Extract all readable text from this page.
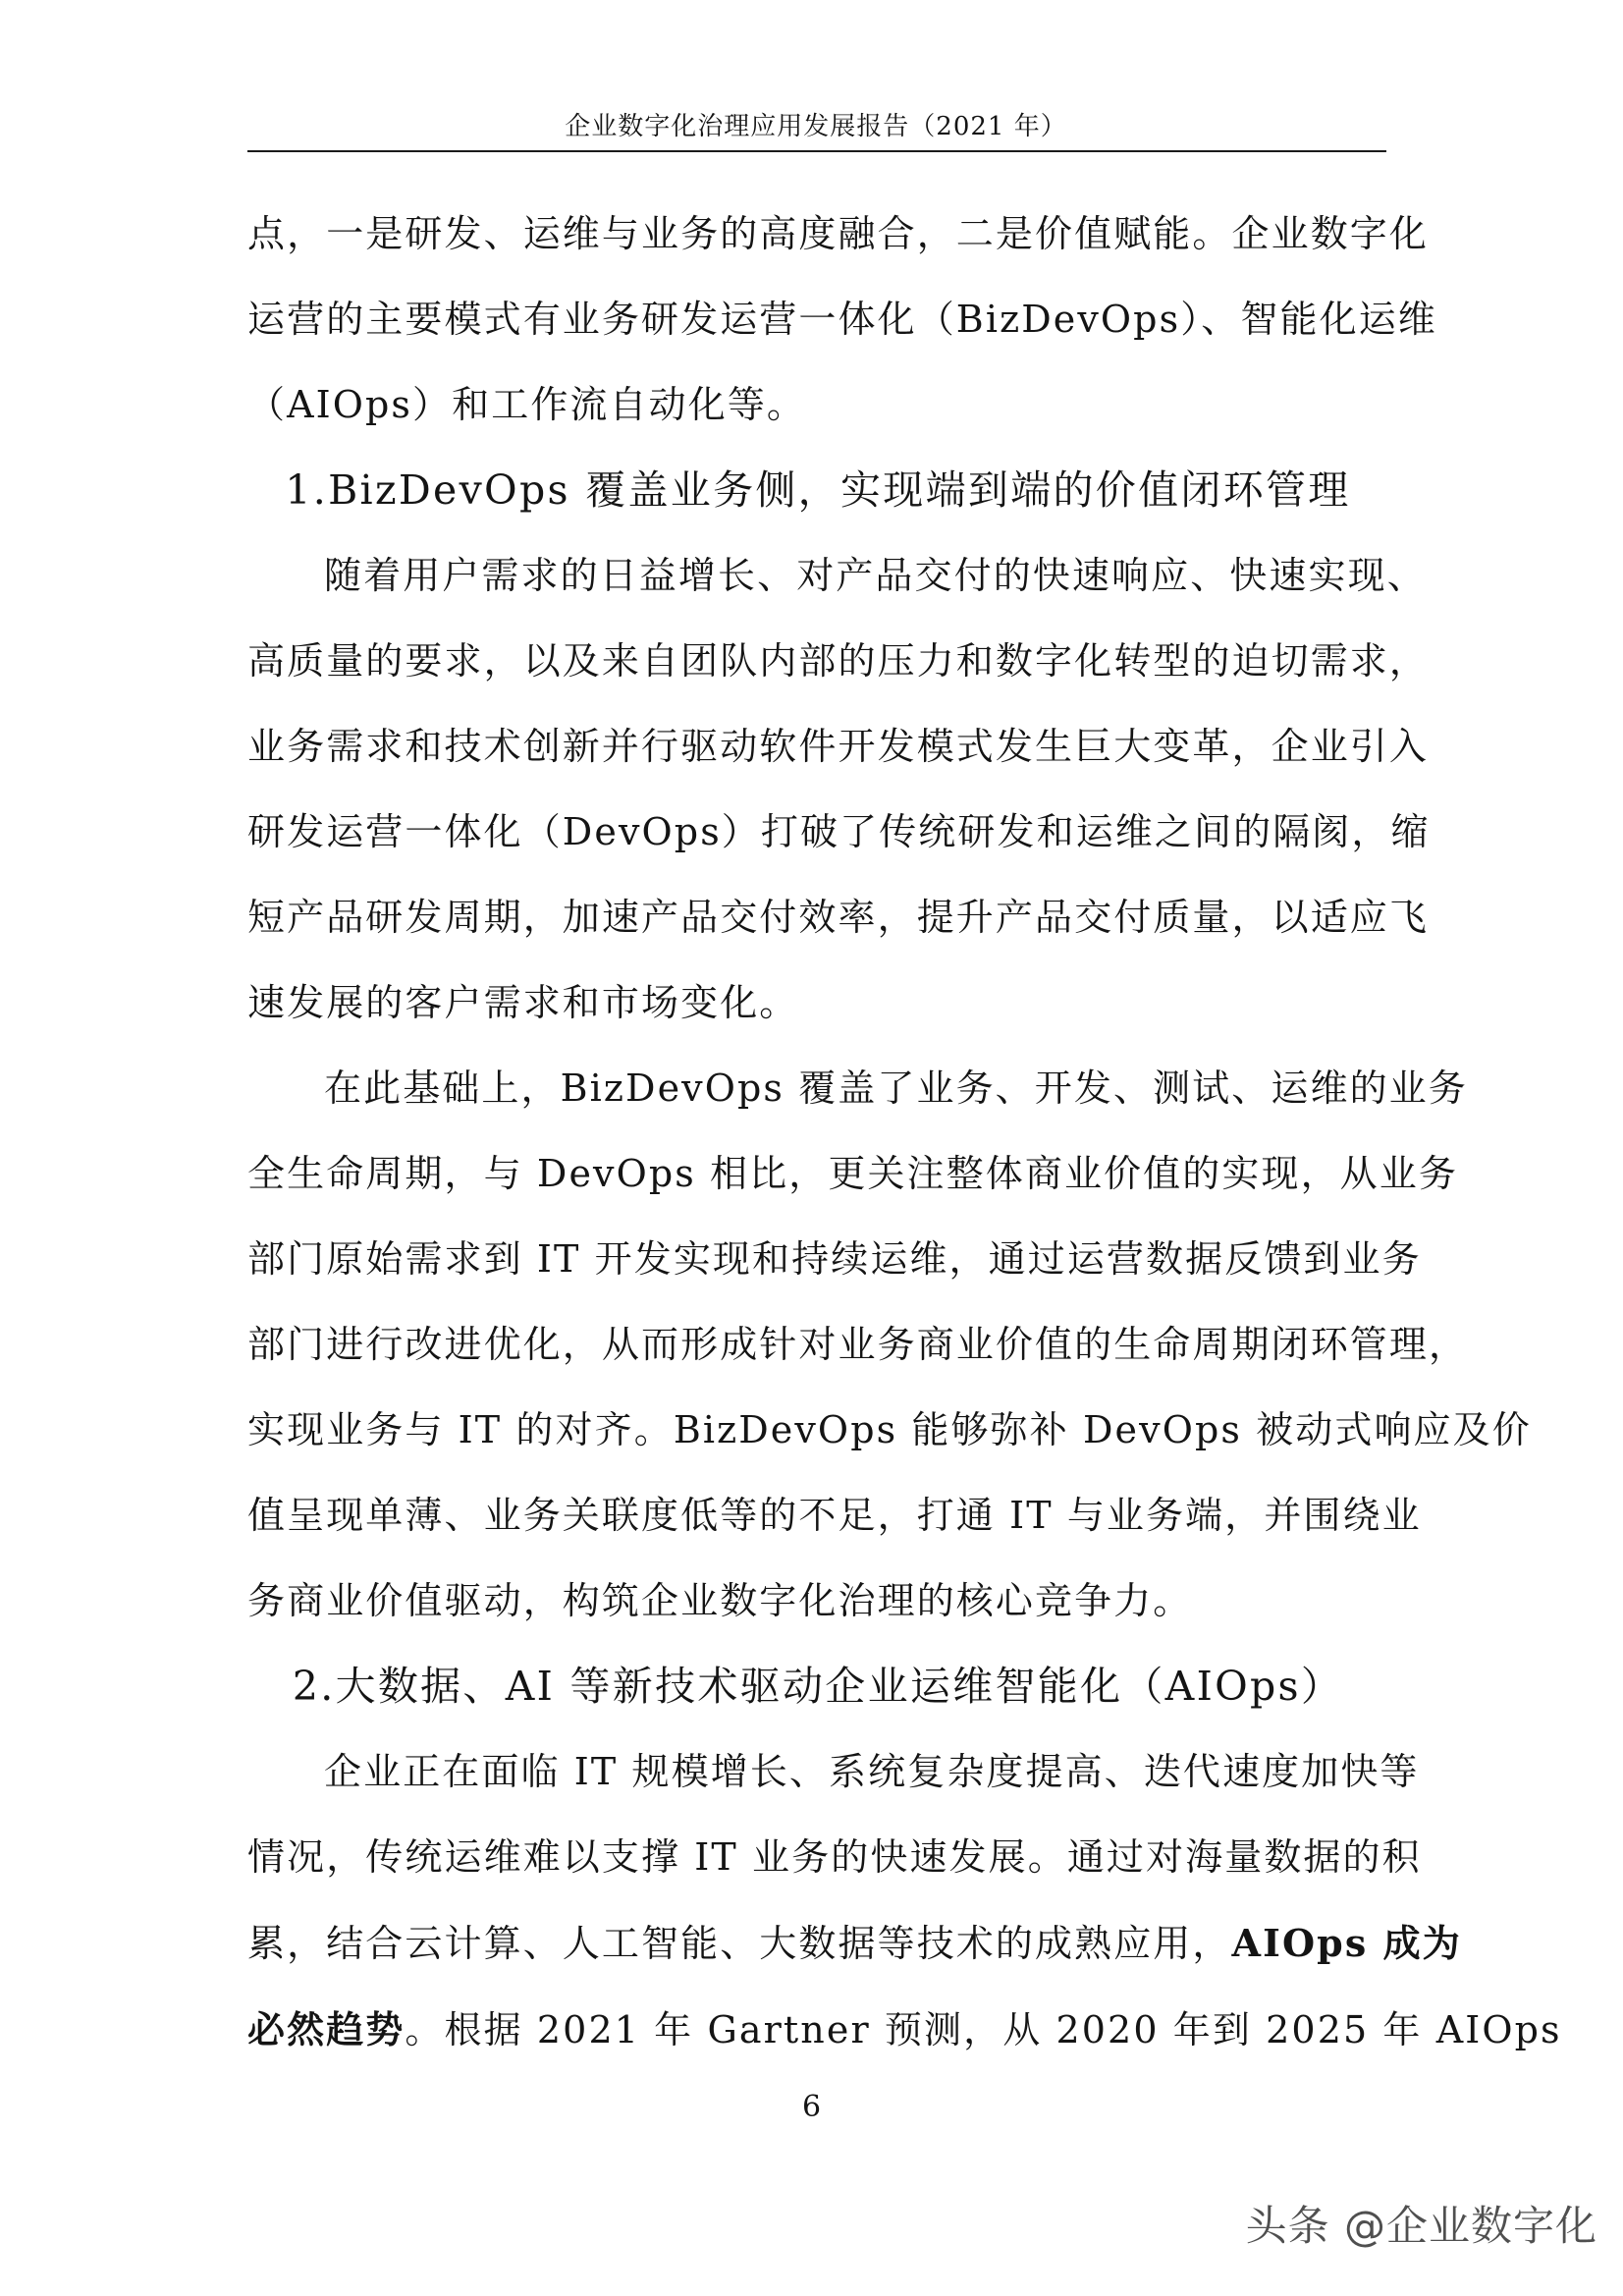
企业数字化治理应用发展报告（2021 年）

点，一是研发、运维与业务的高度融合，二是价值赋能。企业数字化
运营的主要模式有业务研发运营一体化（BizDevOps）、智能化运维
（AIOps）和工作流自动化等。

1.BizDevOps 覆盖业务侧，实现端到端的价值闭环管理

随着用户需求的日益增长、对产品交付的快速响应、快速实现、
高质量的要求，以及来自团队内部的压力和数字化转型的迫切需求，
业务需求和技术创新并行驱动软件开发模式发生巨大变革，企业引入
研发运营一体化（DevOps）打破了传统研发和运维之间的隔阂，缩
短产品研发周期，加速产品交付效率，提升产品交付质量，以适应飞
速发展的客户需求和市场变化。

在此基础上，BizDevOps 覆盖了业务、开发、测试、运维的业务
全生命周期，与 DevOps 相比，更关注整体商业价值的实现，从业务
部门原始需求到 IT 开发实现和持续运维，通过运营数据反馈到业务
部门进行改进优化，从而形成针对业务商业价值的生命周期闭环管理，
实现业务与 IT 的对齐。BizDevOps 能够弥补 DevOps 被动式响应及价
值呈现单薄、业务关联度低等的不足，打通 IT 与业务端，并围绕业
务商业价值驱动，构筑企业数字化治理的核心竞争力。

2.大数据、AI 等新技术驱动企业运维智能化（AIOps）

企业正在面临 IT 规模增长、系统复杂度提高、迭代速度加快等
情况，传统运维难以支撑 IT 业务的快速发展。通过对海量数据的积
累，结合云计算、人工智能、大数据等技术的成熟应用，AIOps 成为
必然趋势。根据 2021 年 Gartner 预测，从 2020 年到 2025 年 AIOps

6
头条 @企业数字化
